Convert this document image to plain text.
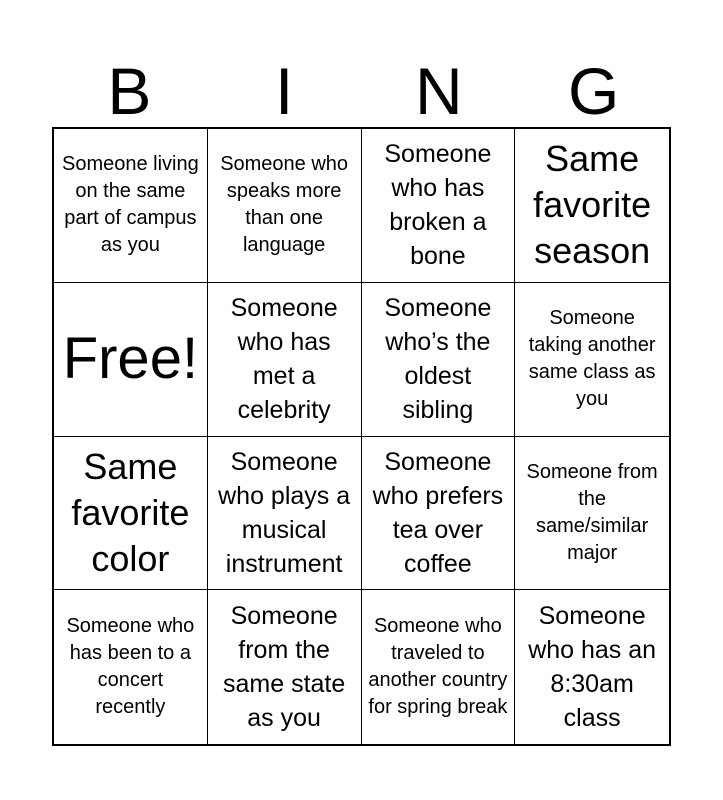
B	I	N	G
Someone living on the same part of campus as you
Someone who speaks more than one language
Someone who has broken a bone
Same favorite season
Free!
Someone who has met a celebrity
Someone who’s the oldest sibling
Someone taking another same class as you
Same favorite color
Someone who plays a musical instrument
Someone who prefers tea over coffee
Someone from the same/similar major
Someone who has been to a concert recently
Someone from the same state as you
Someone who traveled to another country for spring break
Someone who has an 8:30am class
